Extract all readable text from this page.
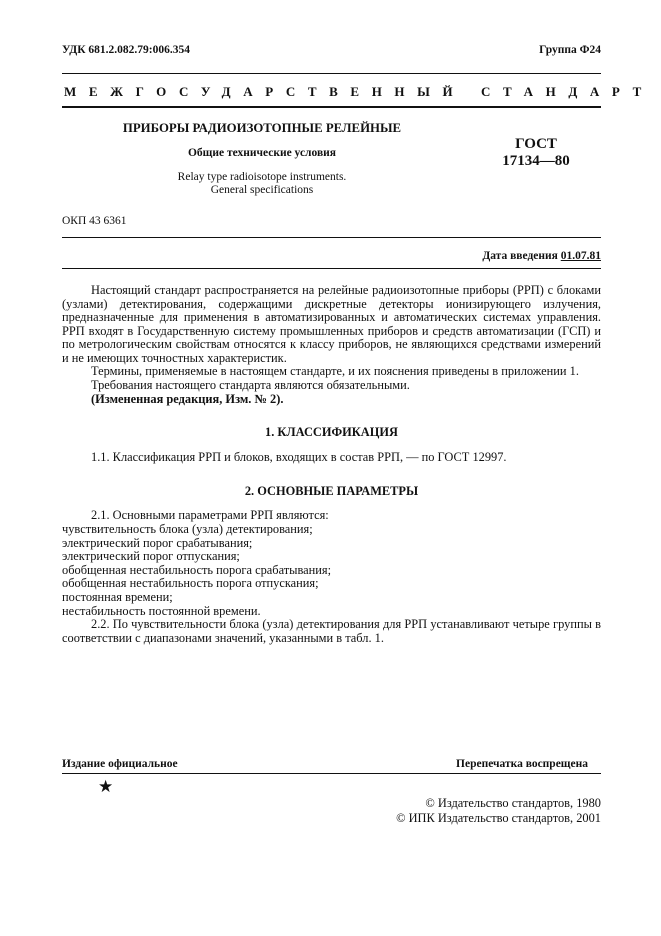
УДК 681.2.082.79:006.354	Группа Ф24
МЕЖГОСУДАРСТВЕННЫЙ СТАНДАРТ
ПРИБОРЫ РАДИОИЗОТОПНЫЕ РЕЛЕЙНЫЕ
Общие технические условия
Relay type radioisotope instruments.
General specifications
ГОСТ
17134—80
ОКП 43 6361
Дата введения 01.07.81
Настоящий стандарт распространяется на релейные радиоизотопные приборы (РРП) с блоками (узлами) детектирования, содержащими дискретные детекторы ионизирующего излучения, предназначенные для применения в автоматизированных и автоматических системах управления. РРП входят в Государственную систему промышленных приборов и средств автоматизации (ГСП) и по метрологическим свойствам относятся к классу приборов, не являющихся средствами измерений и не имеющих точностных характеристик.
Термины, применяемые в настоящем стандарте, и их пояснения приведены в приложении 1.
Требования настоящего стандарта являются обязательными.
(Измененная редакция, Изм. № 2).
1. КЛАССИФИКАЦИЯ
1.1. Классификация РРП и блоков, входящих в состав РРП, — по ГОСТ 12997.
2. ОСНОВНЫЕ ПАРАМЕТРЫ
2.1. Основными параметрами РРП являются:
чувствительность блока (узла) детектирования;
электрический порог срабатывания;
электрический порог отпускания;
обобщенная нестабильность порога срабатывания;
обобщенная нестабильность порога отпускания;
постоянная времени;
нестабильность постоянной времени.
2.2. По чувствительности блока (узла) детектирования для РРП устанавливают четыре группы в соответствии с диапазонами значений, указанными в табл. 1.
Издание официальное	Перепечатка воспрещена
★
© Издательство стандартов, 1980
© ИПК Издательство стандартов, 2001
